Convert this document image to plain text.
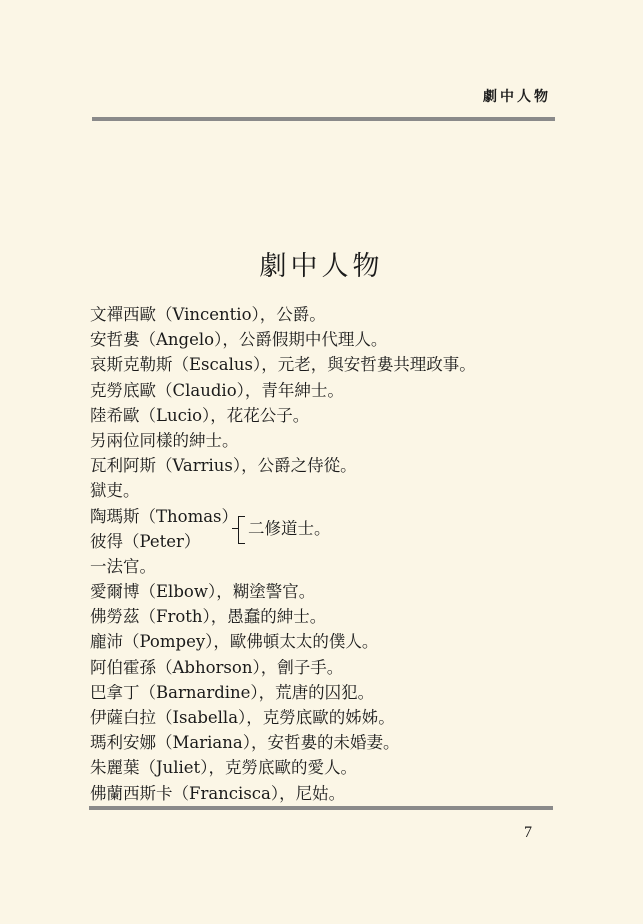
劇中人物
劇中人物
文禪西歐（Vincentio），公爵。
安哲婁（Angelo），公爵假期中代理人。
哀斯克勒斯（Escalus），元老，與安哲婁共理政事。
克勞底歐（Claudio），青年紳士。
陸希歐（Lucio），花花公子。
另兩位同樣的紳士。
瓦利阿斯（Varrius），公爵之侍從。
獄吏。
陶瑪斯（Thomas）
彼得（Peter）
二修道士。
一法官。
愛爾博（Elbow），糊塗警官。
佛勞茲（Froth），愚蠢的紳士。
龐沛（Pompey），歐佛頓太太的僕人。
阿伯霍孫（Abhorson），劊子手。
巴拿丁（Barnardine），荒唐的囚犯。
伊薩白拉（Isabella），克勞底歐的姊姊。
瑪利安娜（Mariana），安哲婁的未婚妻。
朱麗葉（Juliet），克勞底歐的愛人。
佛蘭西斯卡（Francisca），尼姑。
7
